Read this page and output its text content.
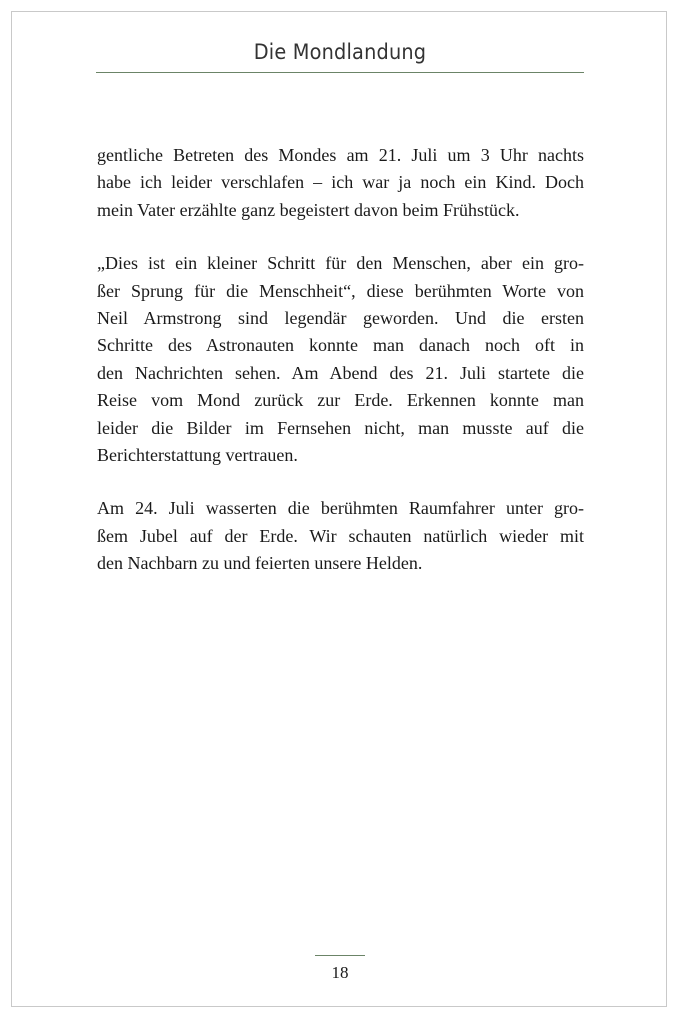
Die Mondlandung

gentliche Betreten des Mondes am 21. Juli um 3 Uhr nachts
habe ich leider verschlafen – ich war ja noch ein Kind. Doch
mein Vater erzählte ganz begeistert davon beim Frühstück.

„Dies ist ein kleiner Schritt für den Menschen, aber ein gro-
ßer Sprung für die Menschheit“, diese berühmten Worte von
Neil Armstrong sind legendär geworden. Und die ersten
Schritte des Astronauten konnte man danach noch oft in
den Nachrichten sehen. Am Abend des 21. Juli startete die
Reise vom Mond zurück zur Erde. Erkennen konnte man
leider die Bilder im Fernsehen nicht, man musste auf die
Berichterstattung vertrauen.

Am 24. Juli wasserten die berühmten Raumfahrer unter gro-
ßem Jubel auf der Erde. Wir schauten natürlich wieder mit
den Nachbarn zu und feierten unsere Helden.

18
